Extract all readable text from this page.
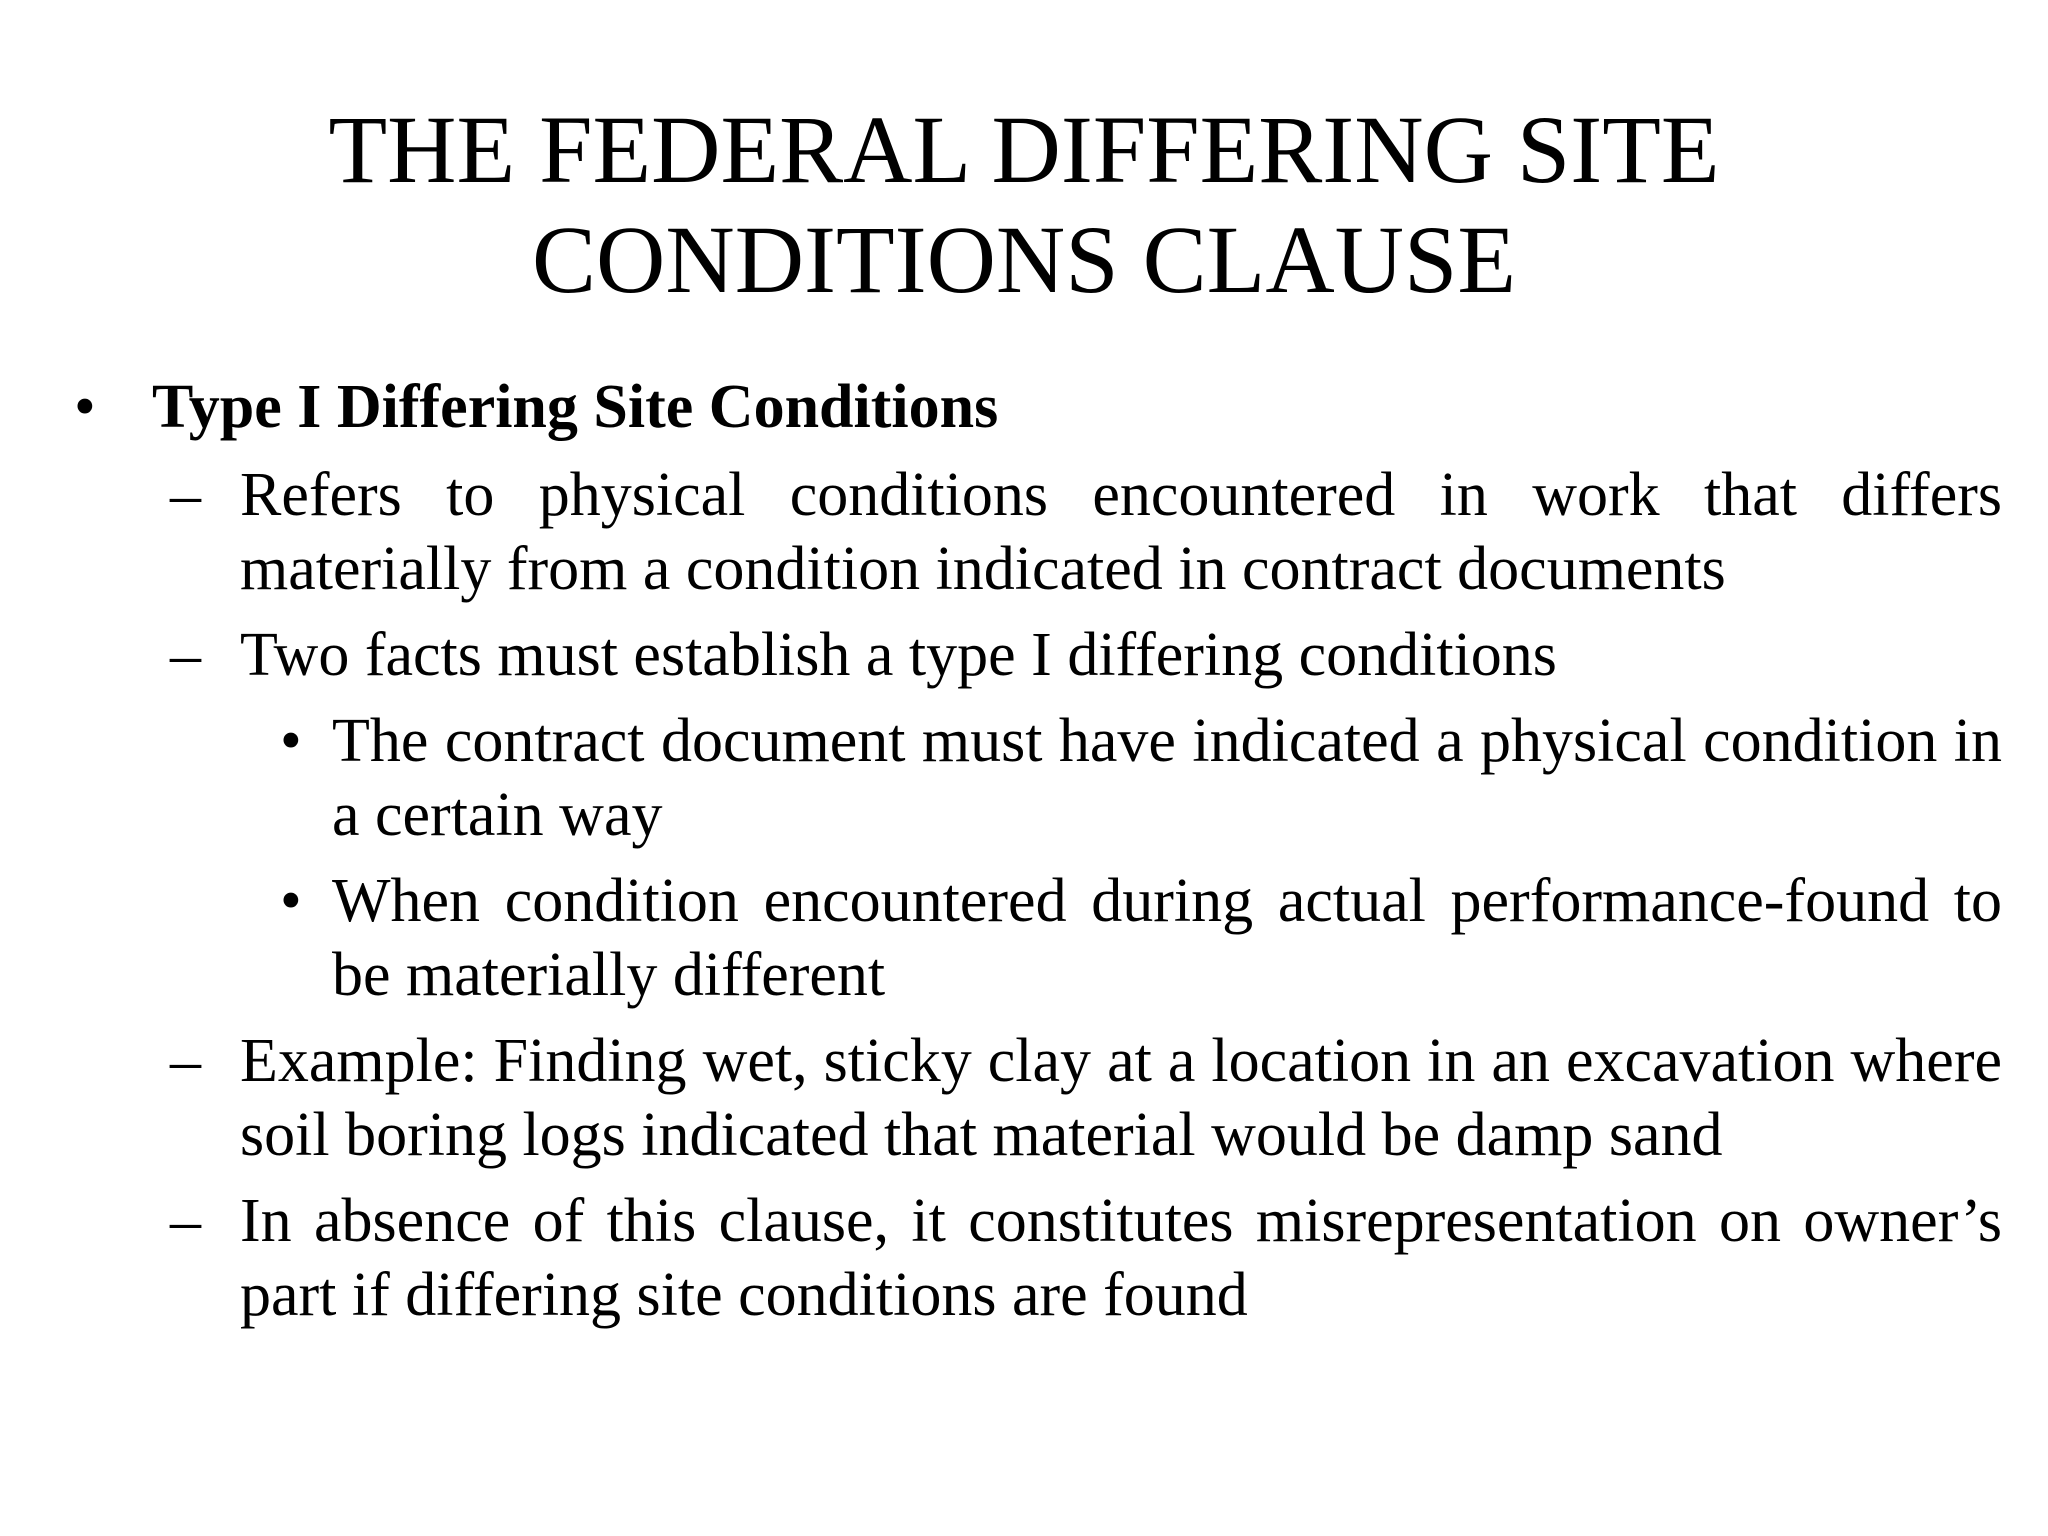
THE FEDERAL DIFFERING SITE
CONDITIONS CLAUSE
• Type I Differing Site Conditions
– Refers to physical conditions encountered in work that differs materially from a condition indicated in contract documents
– Two facts must establish a type I differing conditions
• The contract document must have indicated a physical condition in a certain way
• When condition encountered during actual performance-found to be materially different
– Example: Finding wet, sticky clay at a location in an excavation where soil boring logs indicated that material would be damp sand
– In absence of this clause, it constitutes misrepresentation on owner’s part if differing site conditions are found
